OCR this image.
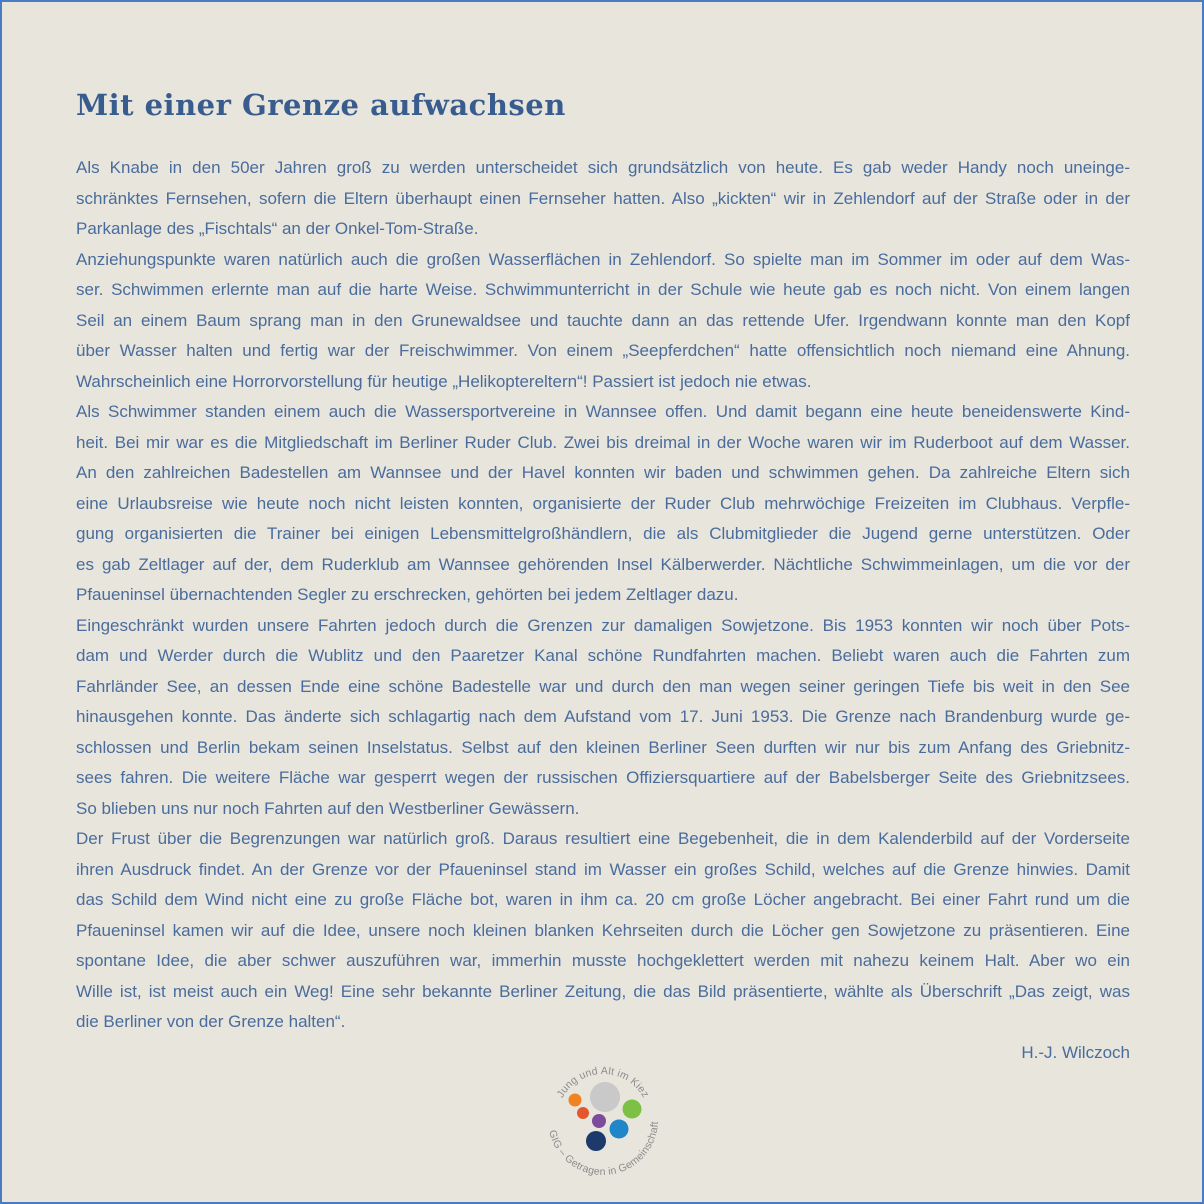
Mit einer Grenze aufwachsen
Als Knabe in den 50er Jahren groß zu werden unterscheidet sich grundsätzlich von heute. Es gab weder Handy noch uneinge-
schränktes Fernsehen, sofern die Eltern überhaupt einen Fernseher hatten. Also „kickten“ wir in Zehlendorf auf der Straße oder in der
Parkanlage des „Fischtals“ an der Onkel-Tom-Straße.
Anziehungspunkte waren natürlich auch die großen Wasserflächen in Zehlendorf. So spielte man im Sommer im oder auf dem Was-
ser. Schwimmen erlernte man auf die harte Weise. Schwimmunterricht in der Schule wie heute gab es noch nicht. Von einem langen
Seil an einem Baum sprang man in den Grunewaldsee und tauchte dann an das rettende Ufer. Irgendwann konnte man den Kopf
über Wasser halten und fertig war der Freischwimmer. Von einem „Seepferdchen“ hatte offensichtlich noch niemand eine Ahnung.
Wahrscheinlich eine Horrorvorstellung für heutige „Helikoptereltern“! Passiert ist jedoch nie etwas.
Als Schwimmer standen einem auch die Wassersportvereine in Wannsee offen. Und damit begann eine heute beneidenswerte Kind-
heit. Bei mir war es die Mitgliedschaft im Berliner Ruder Club. Zwei bis dreimal in der Woche waren wir im Ruderboot auf dem Wasser.
An den zahlreichen Badestellen am Wannsee und der Havel konnten wir baden und schwimmen gehen. Da zahlreiche Eltern sich
eine Urlaubsreise wie heute noch nicht leisten konnten, organisierte der Ruder Club mehrwöchige Freizeiten im Clubhaus. Verpfle-
gung organisierten die Trainer bei einigen Lebensmittelgroßhändlern, die als Clubmitglieder die Jugend gerne unterstützen. Oder
es gab Zeltlager auf der, dem Ruderklub am Wannsee gehörenden Insel Kälberwerder. Nächtliche Schwimmeinlagen, um die vor der
Pfaueninsel übernachtenden Segler zu erschrecken, gehörten bei jedem Zeltlager dazu.
Eingeschränkt wurden unsere Fahrten jedoch durch die Grenzen zur damaligen Sowjetzone. Bis 1953 konnten wir noch über Pots-
dam und Werder durch die Wublitz und den Paaretzer Kanal schöne Rundfahrten machen. Beliebt waren auch die Fahrten zum
Fahrländer See, an dessen Ende eine schöne Badestelle war und durch den man wegen seiner geringen Tiefe bis weit in den See
hinausgehen konnte. Das änderte sich schlagartig nach dem Aufstand vom 17. Juni 1953. Die Grenze nach Brandenburg wurde ge-
schlossen und Berlin bekam seinen Inselstatus. Selbst auf den kleinen Berliner Seen durften wir nur bis zum Anfang des Griebnitz-
sees fahren. Die weitere Fläche war gesperrt wegen der russischen Offiziersquartiere auf der Babelsberger Seite des Griebnitzsees.
So blieben uns nur noch Fahrten auf den Westberliner Gewässern.
Der Frust über die Begrenzungen war natürlich groß. Daraus resultiert eine Begebenheit, die in dem Kalenderbild auf der Vorderseite
ihren Ausdruck findet. An der Grenze vor der Pfaueninsel stand im Wasser ein großes Schild, welches auf die Grenze hinwies. Damit
das Schild dem Wind nicht eine zu große Fläche bot, waren in ihm ca. 20 cm große Löcher angebracht. Bei einer Fahrt rund um die
Pfaueninsel kamen wir auf die Idee, unsere noch kleinen blanken Kehrseiten durch die Löcher gen Sowjetzone zu präsentieren. Eine
spontane Idee, die aber schwer auszuführen war, immerhin musste hochgeklettert werden mit nahezu keinem Halt. Aber wo ein
Wille ist, ist meist auch ein Weg! Eine sehr bekannte Berliner Zeitung, die das Bild präsentierte, wählte als Überschrift „Das zeigt, was
die Berliner von der Grenze halten“.
H.-J. Wilczoch
Jung und Alt im Kiez
GIG – Getragen in Gemeinschaft
